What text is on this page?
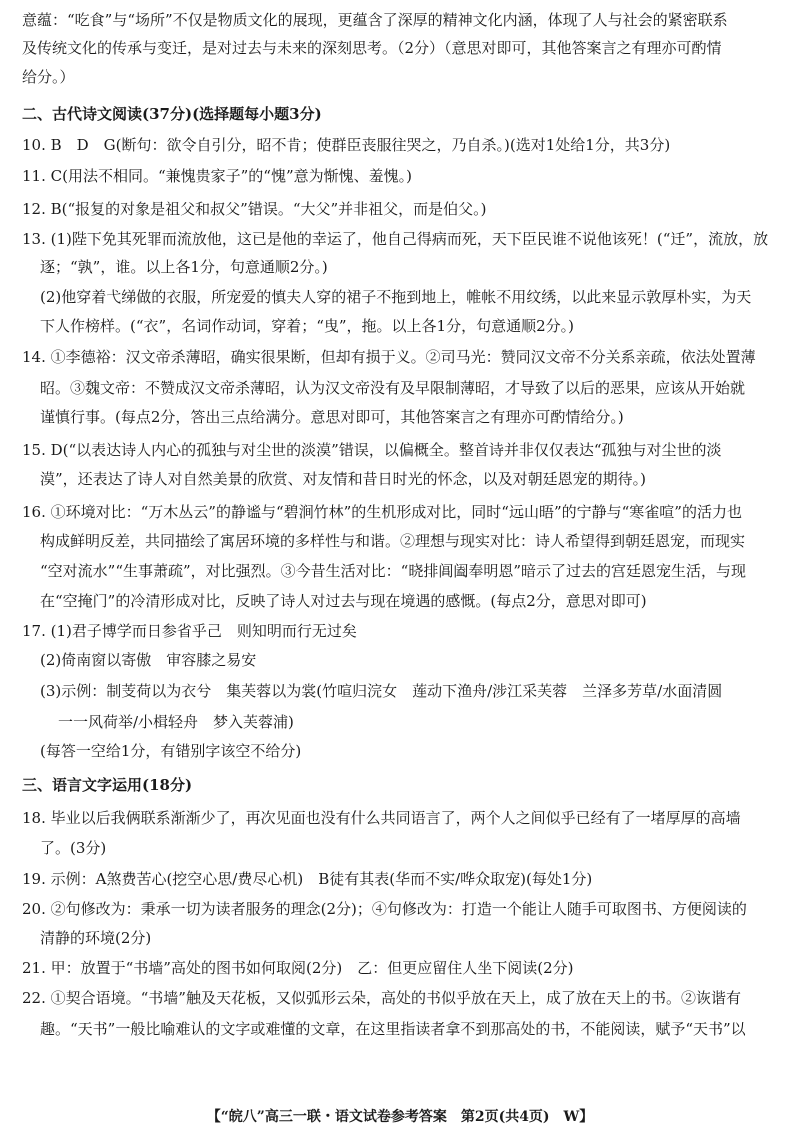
意蕴：“吃食”与“场所”不仅是物质文化的展现，更蕴含了深厚的精神文化内涵，体现了人与社会的紧密联系
及传统文化的传承与变迁，是对过去与未来的深刻思考。（2分）（意思对即可，其他答案言之有理亦可酌情
给分。）
二、古代诗文阅读(37分)(选择题每小题3分)
10. B　D　G(断句：欲令自引分，昭不肯；使群臣丧服往哭之，乃自杀。)(选对1处给1分，共3分)
11. C(用法不相同。“兼愧贵家子”的“愧”意为惭愧、羞愧。)
12. B(“报复的对象是祖父和叔父”错误。“大父”并非祖父，而是伯父。)
13. (1)陛下免其死罪而流放他，这已是他的幸运了，他自己得病而死，天下臣民谁不说他该死！(“迁”，流放，放
逐；“孰”，谁。以上各1分，句意通顺2分。)
(2)他穿着弋绨做的衣服，所宠爱的慎夫人穿的裙子不拖到地上，帷帐不用纹绣，以此来显示敦厚朴实，为天
下人作榜样。(“衣”，名词作动词，穿着；“曳”，拖。以上各1分，句意通顺2分。)
14. ①李德裕：汉文帝杀薄昭，确实很果断，但却有损于义。②司马光：赞同汉文帝不分关系亲疏，依法处置薄
昭。③魏文帝：不赞成汉文帝杀薄昭，认为汉文帝没有及早限制薄昭，才导致了以后的恶果，应该从开始就
谨慎行事。(每点2分，答出三点给满分。意思对即可，其他答案言之有理亦可酌情给分。)
15. D(“以表达诗人内心的孤独与对尘世的淡漠”错误，以偏概全。整首诗并非仅仅表达“孤独与对尘世的淡
漠”，还表达了诗人对自然美景的欣赏、对友情和昔日时光的怀念，以及对朝廷恩宠的期待。)
16. ①环境对比：“万木丛云”的静谧与“碧涧竹林”的生机形成对比，同时“远山晤”的宁静与“寒雀喧”的活力也
构成鲜明反差，共同描绘了寓居环境的多样性与和谐。②理想与现实对比：诗人希望得到朝廷恩宠，而现实
“空对流水”“生事萧疏”，对比强烈。③今昔生活对比：“晓排阊阖奉明恩”暗示了过去的宫廷恩宠生活，与现
在“空掩门”的冷清形成对比，反映了诗人对过去与现在境遇的感慨。(每点2分，意思对即可)
17. (1)君子博学而日参省乎己　则知明而行无过矣
(2)倚南窗以寄傲　审容膝之易安
(3)示例：制芰荷以为衣兮　集芙蓉以为裳(竹喧归浣女　莲动下渔舟/涉江采芙蓉　兰泽多芳草/水面清圆
一一风荷举/小楫轻舟　梦入芙蓉浦)
(每答一空给1分，有错别字该空不给分)
三、语言文字运用(18分)
18. 毕业以后我俩联系渐渐少了，再次见面也没有什么共同语言了，两个人之间似乎已经有了一堵厚厚的高墙
了。(3分)
19. 示例：A煞费苦心(挖空心思/费尽心机)　B徒有其表(华而不实/哗众取宠)(每处1分)
20. ②句修改为：秉承一切为读者服务的理念(2分)；④句修改为：打造一个能让人随手可取图书、方便阅读的
清静的环境(2分)
21. 甲：放置于“书墙”高处的图书如何取阅(2分)　乙：但更应留住人坐下阅读(2分)
22. ①契合语境。“书墙”触及天花板，又似弧形云朵，高处的书似乎放在天上，成了放在天上的书。②诙谐有
趣。“天书”一般比喻难认的文字或难懂的文章，在这里指读者拿不到那高处的书，不能阅读，赋予“天书”以
【“皖八”高三一联・语文试卷参考答案　第2页(共4页)　W】
